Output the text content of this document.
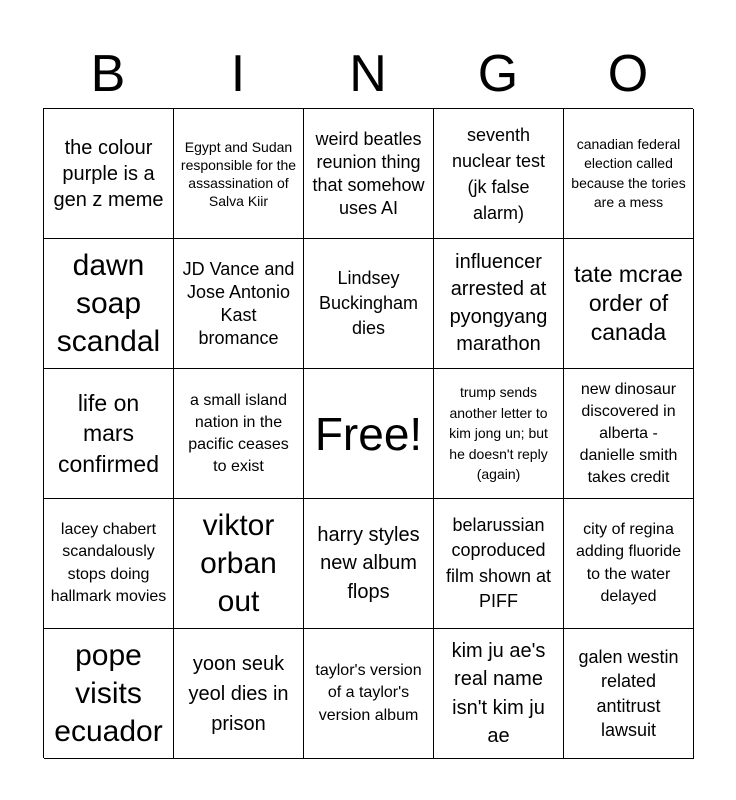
B	I	N	G	O
the colour purple is a gen z meme
Egypt and Sudan responsible for the assassination of Salva Kiir
weird beatles reunion thing that somehow uses AI
seventh nuclear test (jk false alarm)
canadian federal election called because the tories are a mess
dawn soap scandal
JD Vance and Jose Antonio Kast bromance
Lindsey Buckingham dies
influencer arrested at pyongyang marathon
tate mcrae order of canada
life on mars confirmed
a small island nation in the pacific ceases to exist
Free!
trump sends another letter to kim jong un; but he doesn't reply (again)
new dinosaur discovered in alberta - danielle smith takes credit
lacey chabert scandalously stops doing hallmark movies
viktor orban out
harry styles new album flops
belarussian coproduced film shown at PIFF
city of regina adding fluoride to the water delayed
pope visits ecuador
yoon seuk yeol dies in prison
taylor's version of a taylor's version album
kim ju ae's real name isn't kim ju ae
galen westin related antitrust lawsuit
